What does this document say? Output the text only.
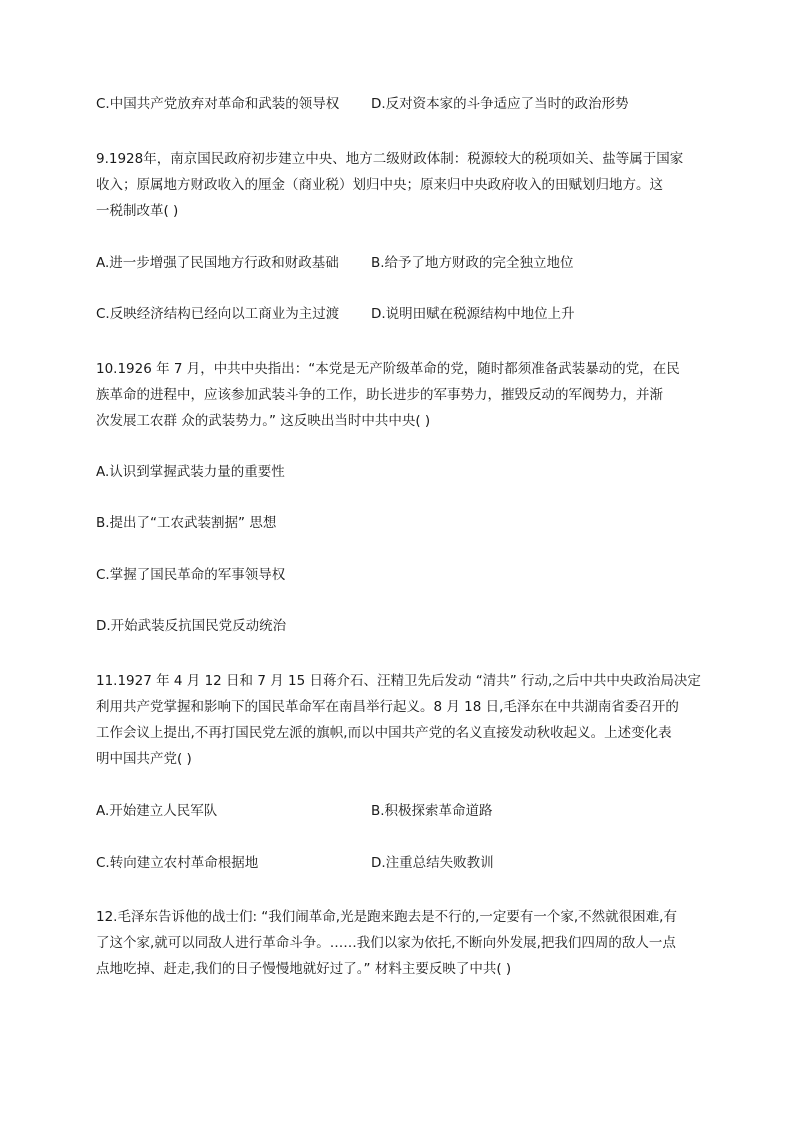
C.中国共产党放弃对革命和武装的领导权 D.反对资本家的斗争适应了当时的政治形势
9.1928年，南京国民政府初步建立中央、地方二级财政体制：税源较大的税项如关、盐等属于国家
收入；原属地方财政收入的厘金（商业税）划归中央；原来归中央政府收入的田赋划归地方。这
一税制改革( )
A.进一步增强了民国地方行政和财政基础 B.给予了地方财政的完全独立地位
C.反映经济结构已经向以工商业为主过渡 D.说明田赋在税源结构中地位上升
10.1926 年 7 月，中共中央指出：“本党是无产阶级革命的党，随时都须准备武装暴动的党，在民
族革命的进程中，应该参加武装斗争的工作，助长进步的军事势力，摧毁反动的军阀势力，并渐
次发展工农群 众的武装势力。” 这反映出当时中共中央( )
A.认识到掌握武装力量的重要性
B.提出了“工农武装割据” 思想
C.掌握了国民革命的军事领导权
D.开始武装反抗国民党反动统治
11.1927 年 4 月 12 日和 7 月 15 日蒋介石、汪精卫先后发动 “清共” 行动,之后中共中央政治局决定
利用共产党掌握和影响下的国民革命军在南昌举行起义。8 月 18 日,毛泽东在中共湖南省委召开的
工作会议上提出,不再打国民党左派的旗帜,而以中国共产党的名义直接发动秋收起义。上述变化表
明中国共产党( )
A.开始建立人民军队	B.积极探索革命道路
C.转向建立农村革命根据地	D.注重总结失败教训
12.毛泽东告诉他的战士们: “我们闹革命,光是跑来跑去是不行的,一定要有一个家,不然就很困难,有
了这个家,就可以同敌人进行革命斗争。……我们以家为依托,不断向外发展,把我们四周的敌人一点
点地吃掉、赶走,我们的日子慢慢地就好过了。” 材料主要反映了中共( )
